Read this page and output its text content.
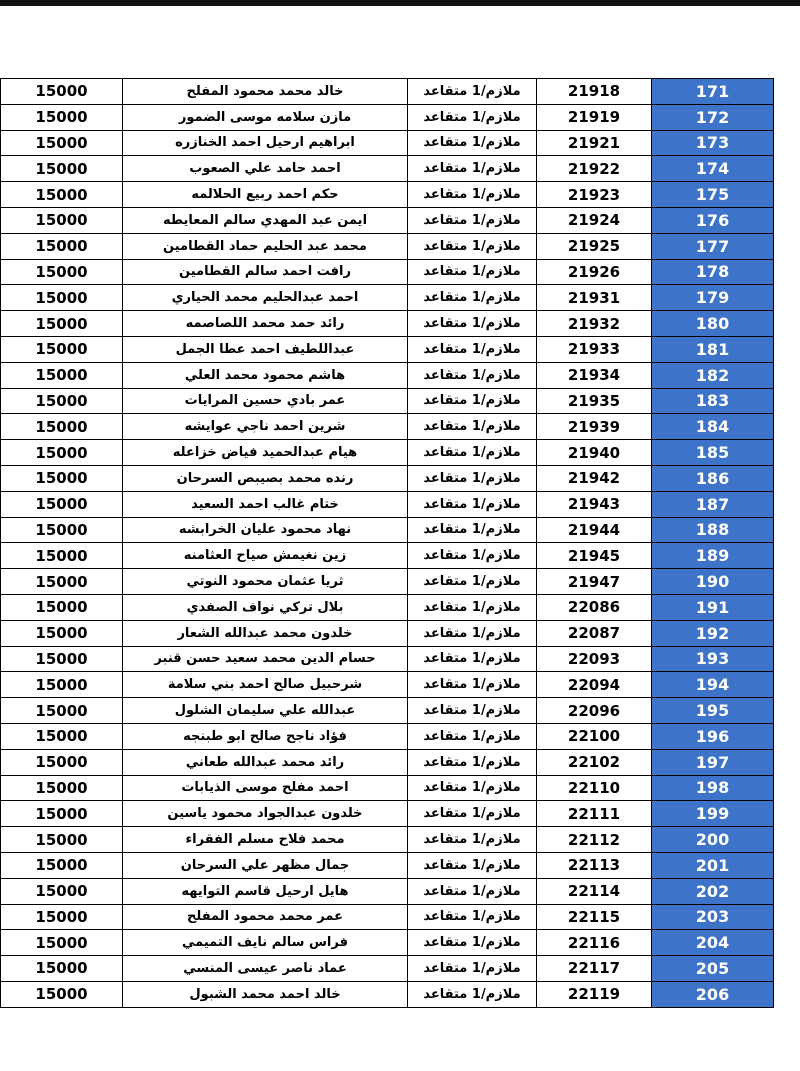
15000	خالد محمد محمود المفلح	ملازم/1 متقاعد	21918	171
15000	مازن سلامه موسى الضمور	ملازم/1 متقاعد	21919	172
15000	ابراهيم ارحيل احمد الخنازره	ملازم/1 متقاعد	21921	173
15000	احمد حامد علي الصعوب	ملازم/1 متقاعد	21922	174
15000	حكم احمد ربيع الحلالمه	ملازم/1 متقاعد	21923	175
15000	ايمن عبد المهدي سالم المعايطه	ملازم/1 متقاعد	21924	176
15000	محمد عبد الحليم حماد القطامين	ملازم/1 متقاعد	21925	177
15000	رافت احمد سالم القطامين	ملازم/1 متقاعد	21926	178
15000	احمد عبدالحليم محمد الحياري	ملازم/1 متقاعد	21931	179
15000	رائد حمد محمد اللصاصمه	ملازم/1 متقاعد	21932	180
15000	عبداللطيف احمد عطا الجمل	ملازم/1 متقاعد	21933	181
15000	هاشم محمود محمد العلي	ملازم/1 متقاعد	21934	182
15000	عمر بادي حسين المرايات	ملازم/1 متقاعد	21935	183
15000	شرين احمد ناجي عوايشه	ملازم/1 متقاعد	21939	184
15000	هيام عبدالحميد فياض خزاعله	ملازم/1 متقاعد	21940	185
15000	رنده محمد بصيبص السرحان	ملازم/1 متقاعد	21942	186
15000	ختام غالب احمد السعيد	ملازم/1 متقاعد	21943	187
15000	نهاد محمود عليان الخرابشه	ملازم/1 متقاعد	21944	188
15000	زين نغيمش صياح العثامنه	ملازم/1 متقاعد	21945	189
15000	ثريا عثمان محمود النوتي	ملازم/1 متقاعد	21947	190
15000	بلال تركي نواف الصفدي	ملازم/1 متقاعد	22086	191
15000	خلدون محمد عبدالله الشعار	ملازم/1 متقاعد	22087	192
15000	حسام الدين محمد سعيد حسن قنبر	ملازم/1 متقاعد	22093	193
15000	شرحبيل صالح احمد بني سلامة	ملازم/1 متقاعد	22094	194
15000	عبدالله علي سليمان الشلول	ملازم/1 متقاعد	22096	195
15000	فؤاد ناجح صالح ابو طبنجه	ملازم/1 متقاعد	22100	196
15000	رائد محمد عبدالله طعاني	ملازم/1 متقاعد	22102	197
15000	احمد مفلح موسى الذيابات	ملازم/1 متقاعد	22110	198
15000	خلدون عبدالجواد محمود ياسين	ملازم/1 متقاعد	22111	199
15000	محمد فلاح مسلم الفقراء	ملازم/1 متقاعد	22112	200
15000	جمال مظهر علي السرحان	ملازم/1 متقاعد	22113	201
15000	هايل ارحيل قاسم التوايهه	ملازم/1 متقاعد	22114	202
15000	عمر محمد محمود المفلح	ملازم/1 متقاعد	22115	203
15000	فراس سالم نايف التميمي	ملازم/1 متقاعد	22116	204
15000	عماد ناصر عيسى المنسي	ملازم/1 متقاعد	22117	205
15000	خالد احمد محمد الشبول	ملازم/1 متقاعد	22119	206
